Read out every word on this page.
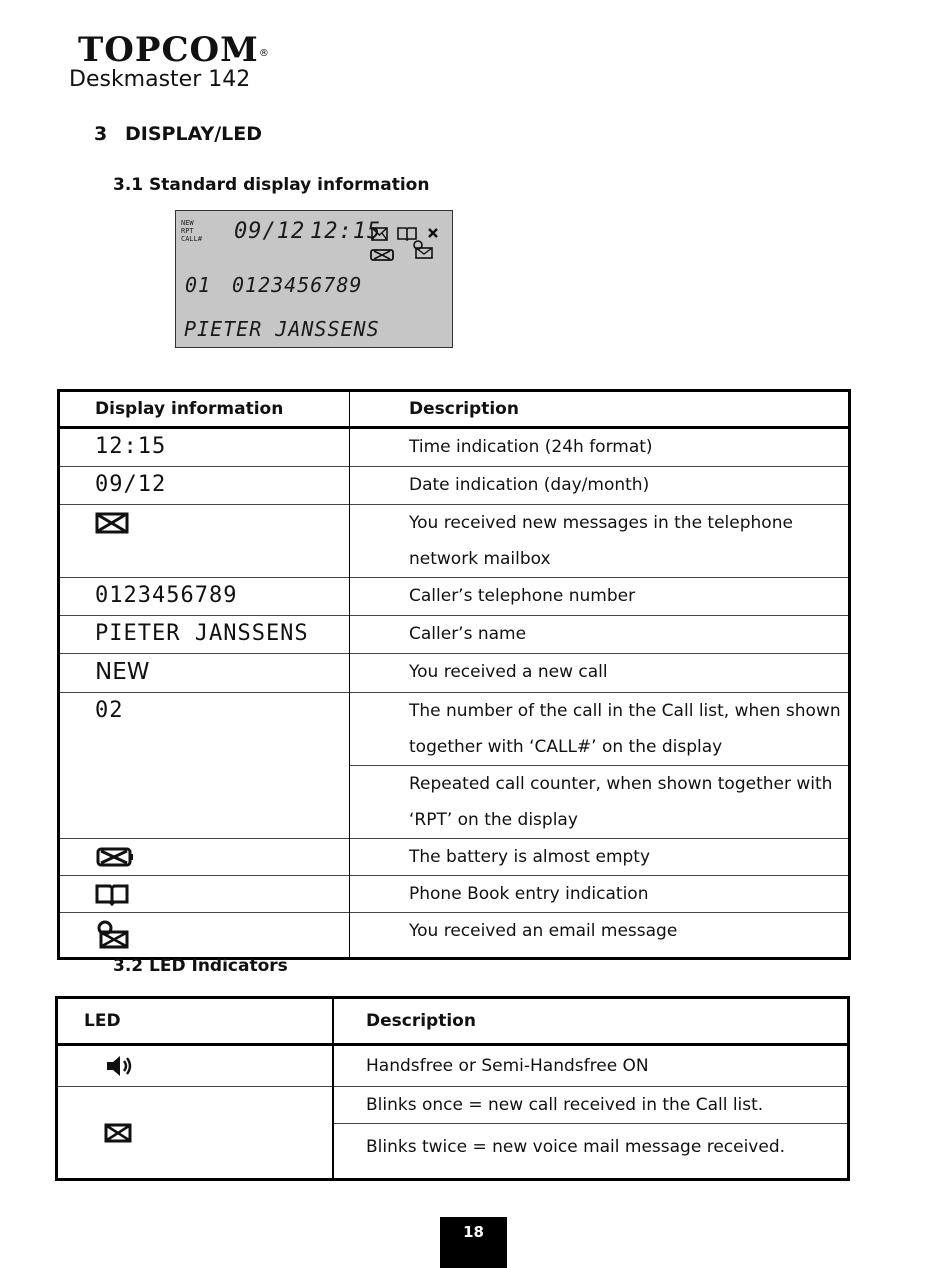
TOPCOM®
Deskmaster 142
3 DISPLAY/LED
3.1 Standard display information
NEW
RPT
CALL# 09/12 12:15
01 0123456789
PIETER JANSSENS
Display information	Description
12:15	Time indication (24h format)
09/12	Date indication (day/month)
	You received new messages in the telephone network mailbox
0123456789	Caller’s telephone number
PIETER JANSSENS	Caller’s name
NEW	You received a new call
02	The number of the call in the Call list, when shown together with ‘CALL#’ on the display
	Repeated call counter, when shown together with ‘RPT’ on the display
	The battery is almost empty
	Phone Book entry indication
	You received an email message
3.2 LED Indicators
LED	Description
	Handsfree or Semi-Handsfree ON
	Blinks once = new call received in the Call list.
	Blinks twice = new voice mail message received.
18
